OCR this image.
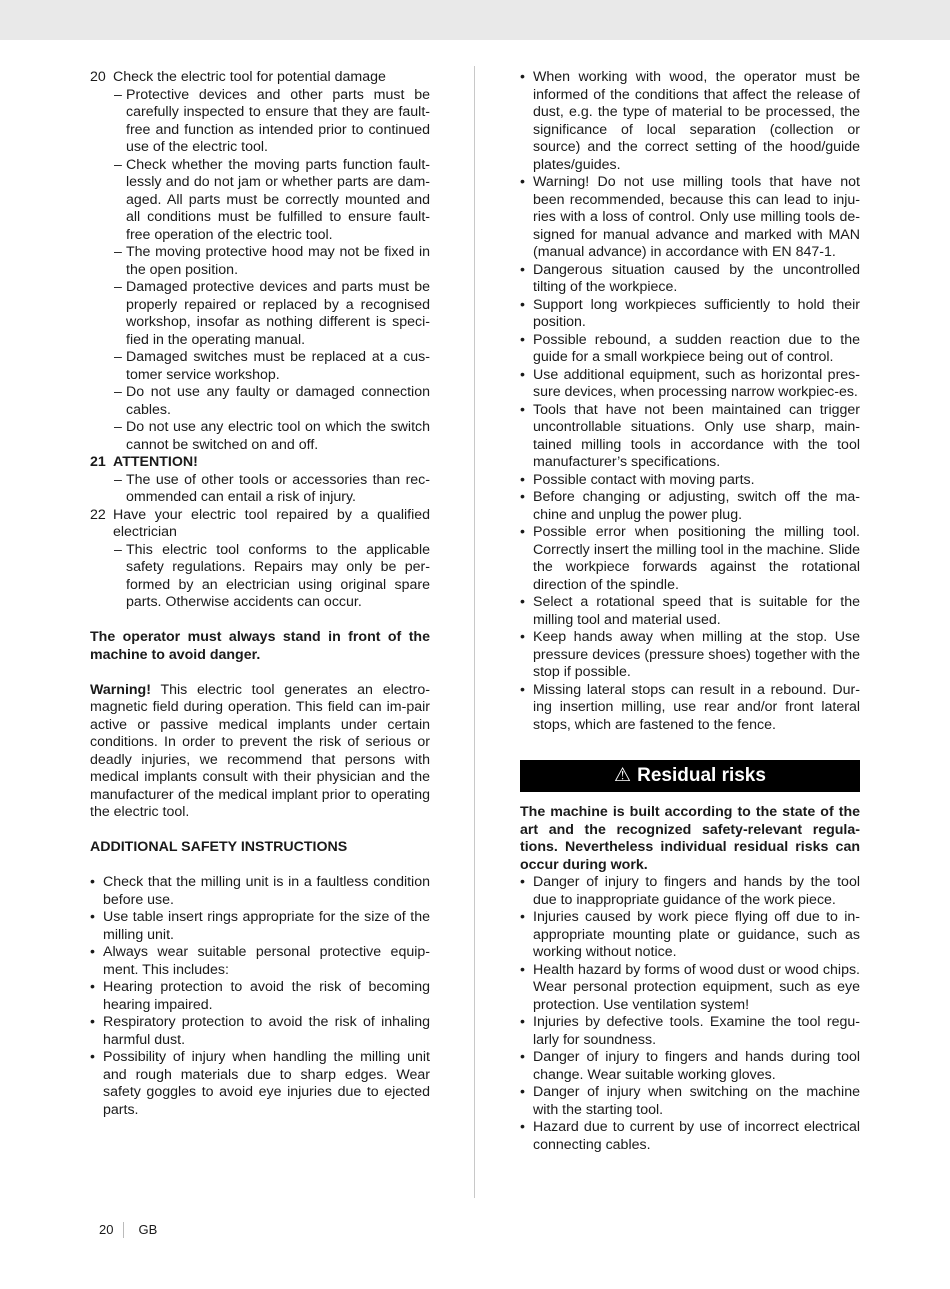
20 Check the electric tool for potential damage
– Protective devices and other parts must be carefully inspected to ensure that they are fault-free and function as intended prior to continued use of the electric tool.
– Check whether the moving parts function fault-lessly and do not jam or whether parts are dam-aged. All parts must be correctly mounted and all conditions must be fulfilled to ensure fault-free operation of the electric tool.
– The moving protective hood may not be fixed in the open position.
– Damaged protective devices and parts must be properly repaired or replaced by a recognised workshop, insofar as nothing different is speci-fied in the operating manual.
– Damaged switches must be replaced at a cus-tomer service workshop.
– Do not use any faulty or damaged connection cables.
– Do not use any electric tool on which the switch cannot be switched on and off.
21 ATTENTION!
– The use of other tools or accessories than rec-ommended can entail a risk of injury.
22 Have your electric tool repaired by a qualified electrician
– This electric tool conforms to the applicable safety regulations. Repairs may only be per-formed by an electrician using original spare parts. Otherwise accidents can occur.

The operator must always stand in front of the machine to avoid danger.

Warning! This electric tool generates an electro-magnetic field during operation. This field can im-pair active or passive medical implants under certain conditions. In order to prevent the risk of serious or deadly injuries, we recommend that persons with medical implants consult with their physician and the manufacturer of the medical implant prior to operating the electric tool.

ADDITIONAL SAFETY INSTRUCTIONS

• Check that the milling unit is in a faultless condition before use.
• Use table insert rings appropriate for the size of the milling unit.
• Always wear suitable personal protective equip-ment. This includes:
• Hearing protection to avoid the risk of becoming hearing impaired.
• Respiratory protection to avoid the risk of inhaling harmful dust.
• Possibility of injury when handling the milling unit and rough materials due to sharp edges. Wear safety goggles to avoid eye injuries due to ejected parts.
• When working with wood, the operator must be informed of the conditions that affect the release of dust, e.g. the type of material to be processed, the significance of local separation (collection or source) and the correct setting of the hood/guide plates/guides.
• Warning! Do not use milling tools that have not been recommended, because this can lead to inju-ries with a loss of control. Only use milling tools de-signed for manual advance and marked with MAN (manual advance) in accordance with EN 847-1.
• Dangerous situation caused by the uncontrolled tilting of the workpiece.
• Support long workpieces sufficiently to hold their position.
• Possible rebound, a sudden reaction due to the guide for a small workpiece being out of control.
• Use additional equipment, such as horizontal pres-sure devices, when processing narrow workpiec-es.
• Tools that have not been maintained can trigger uncontrollable situations. Only use sharp, main-tained milling tools in accordance with the tool manufacturer’s specifications.
• Possible contact with moving parts.
• Before changing or adjusting, switch off the ma-chine and unplug the power plug.
• Possible error when positioning the milling tool. Correctly insert the milling tool in the machine. Slide the workpiece forwards against the rotational direction of the spindle.
• Select a rotational speed that is suitable for the milling tool and material used.
• Keep hands away when milling at the stop. Use pressure devices (pressure shoes) together with the stop if possible.
• Missing lateral stops can result in a rebound. Dur-ing insertion milling, use rear and/or front lateral stops, which are fastened to the fence.
⚠ Residual risks

The machine is built according to the state of the art and the recognized safety-relevant regula-tions. Nevertheless individual residual risks can occur during work.

• Danger of injury to fingers and hands by the tool due to inappropriate guidance of the work piece.
• Injuries caused by work piece flying off due to in-appropriate mounting plate or guidance, such as working without notice.
• Health hazard by forms of wood dust or wood chips. Wear personal protection equipment, such as eye protection. Use ventilation system!
• Injuries by defective tools. Examine the tool regu-larly for soundness.
• Danger of injury to fingers and hands during tool change. Wear suitable working gloves.
• Danger of injury when switching on the machine with the starting tool.
• Hazard due to current by use of incorrect electrical connecting cables.
20 GB
